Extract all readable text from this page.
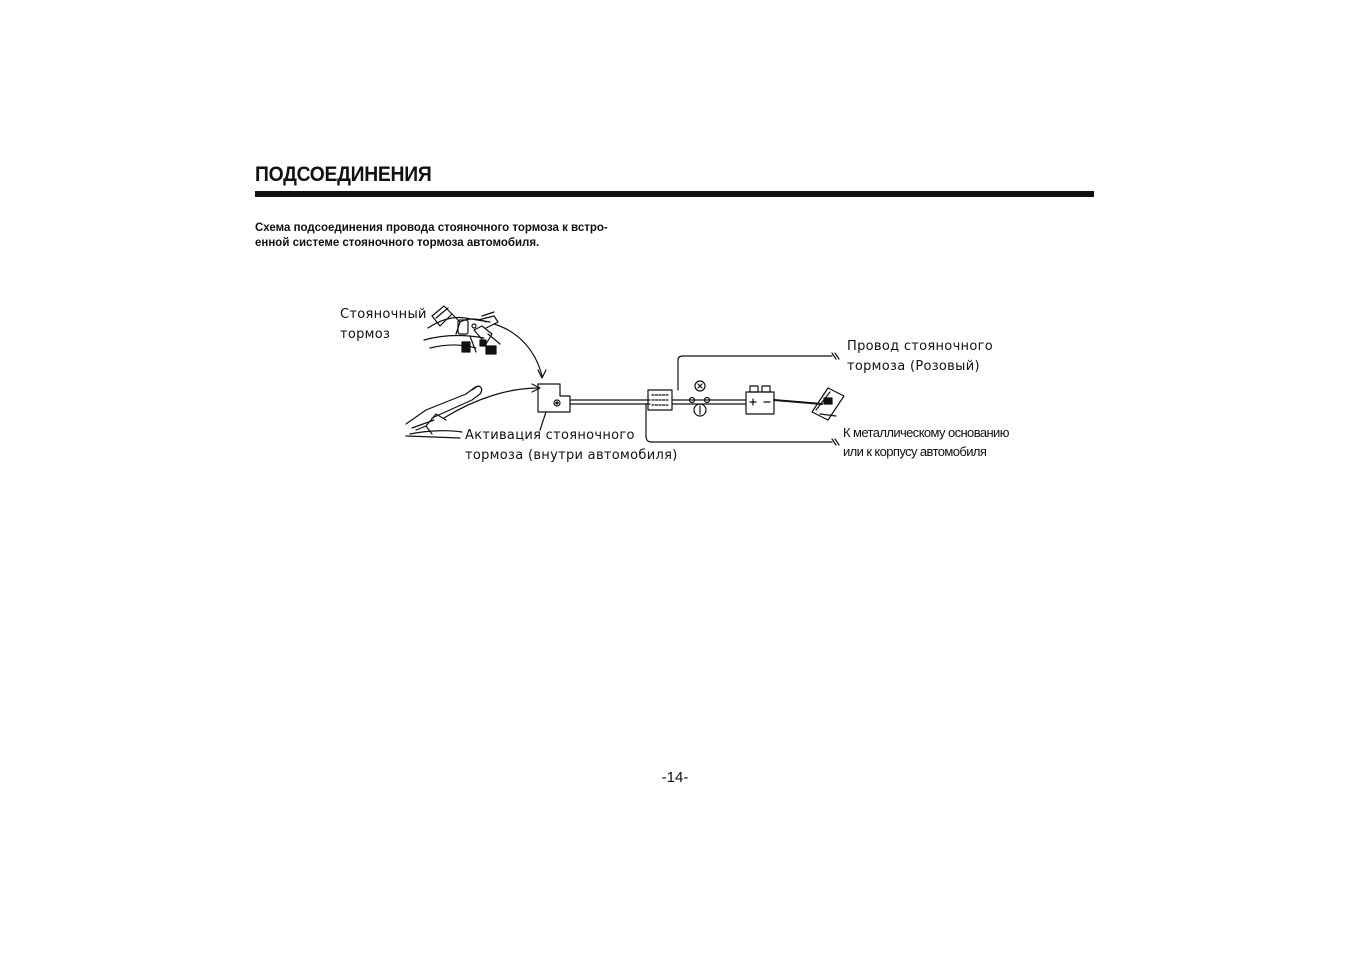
ПОДСОЕДИНЕНИЯ
Схема подсоединения провода стояночного тормоза к встро-
енной системе стояночного тормоза автомобиля.
Стояночный
тормоз
Провод стояночного
тормоза (Розовый)
Активация стояночного
тормоза (внутри автомобиля)
К металлическому основанию
или к корпусу автомобиля
-14-
